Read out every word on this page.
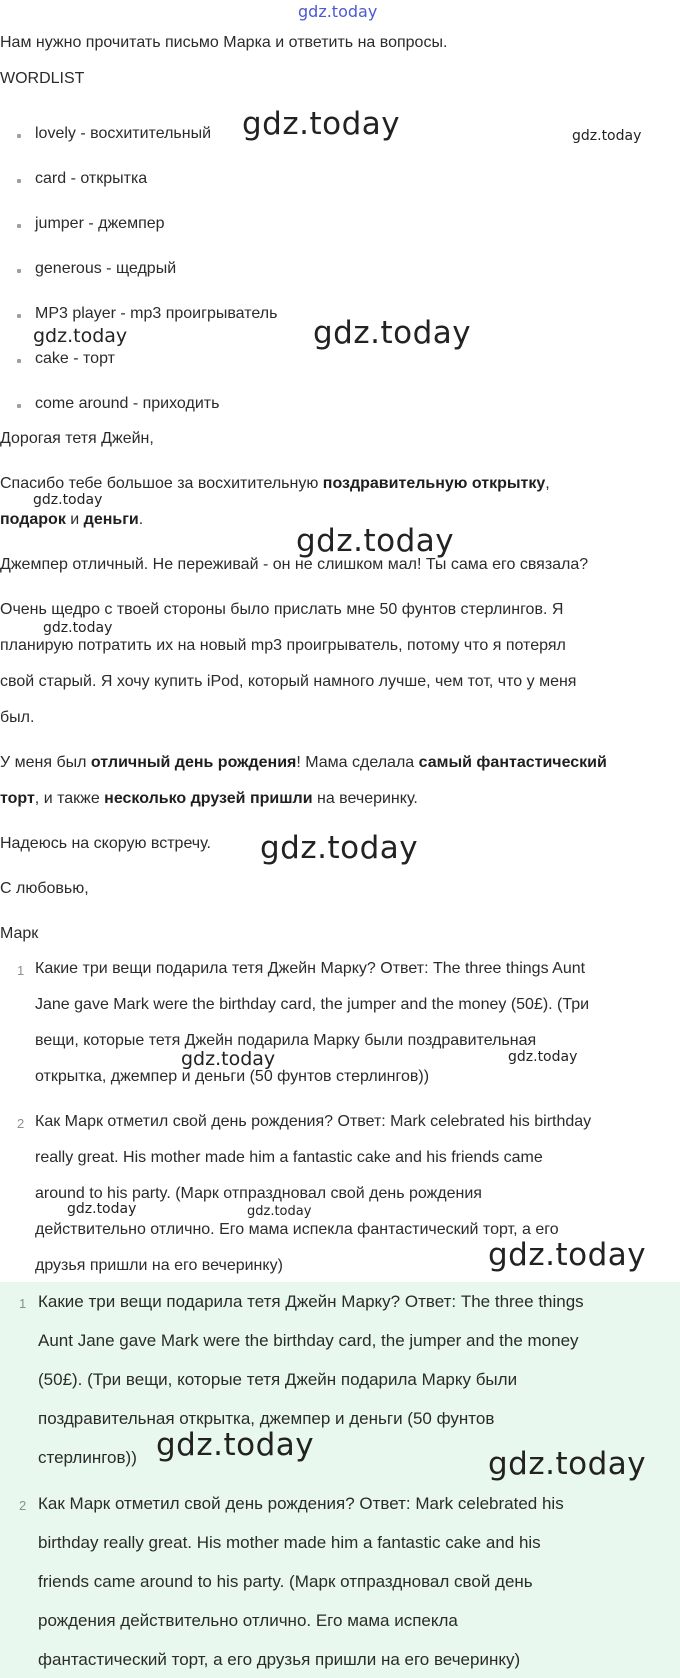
gdz.today
Нам нужно прочитать письмо Марка и ответить на вопросы.
WORDLIST
lovely - восхитительный
card - открытка
jumper - джемпер
generous - щедрый
MP3 player - mp3 проигрыватель
cake - торт
come around - приходить
Дорогая тетя Джейн,
Спасибо тебе большое за восхитительную поздравительную открытку,
подарок и деньги.
Джемпер отличный. Не переживай - он не слишком мал! Ты сама его связала?
Очень щедро с твоей стороны было прислать мне 50 фунтов стерлингов. Я
планирую потратить их на новый mp3 проигрыватель, потому что я потерял
свой старый. Я хочу купить iPod, который намного лучше, чем тот, что у меня
был.
У меня был отличный день рождения! Мама сделала самый фантастический
торт, и также несколько друзей пришли на вечеринку.
Надеюсь на скорую встречу.
С любовью,
Марк
1 Какие три вещи подарила тетя Джейн Марку? Ответ: The three things Aunt
Jane gave Mark were the birthday card, the jumper and the money (50£). (Три
вещи, которые тетя Джейн подарила Марку были поздравительная
открытка, джемпер и деньги (50 фунтов стерлингов))
2 Как Марк отметил свой день рождения? Ответ: Mark celebrated his birthday
really great. His mother made him a fantastic cake and his friends came
around to his party. (Марк отпраздновал свой день рождения
действительно отлично. Его мама испекла фантастический торт, а его
друзья пришли на его вечеринку)
1 Какие три вещи подарила тетя Джейн Марку? Ответ: The three things
Aunt Jane gave Mark were the birthday card, the jumper and the money
(50£). (Три вещи, которые тетя Джейн подарила Марку были
поздравительная открытка, джемпер и деньги (50 фунтов
стерлингов))
2 Как Марк отметил свой день рождения? Ответ: Mark celebrated his
birthday really great. His mother made him a fantastic cake and his
friends came around to his party. (Марк отпраздновал свой день
рождения действительно отлично. Его мама испекла
фантастический торт, а его друзья пришли на его вечеринку)
gdz.today	gdz.today
gdz.today	gdz.today
gdz.today
gdz.today
gdz.today
gdz.today
gdz.today	gdz.today
gdz.today	gdz.today
gdz.today
gdz.today
gdz.today
